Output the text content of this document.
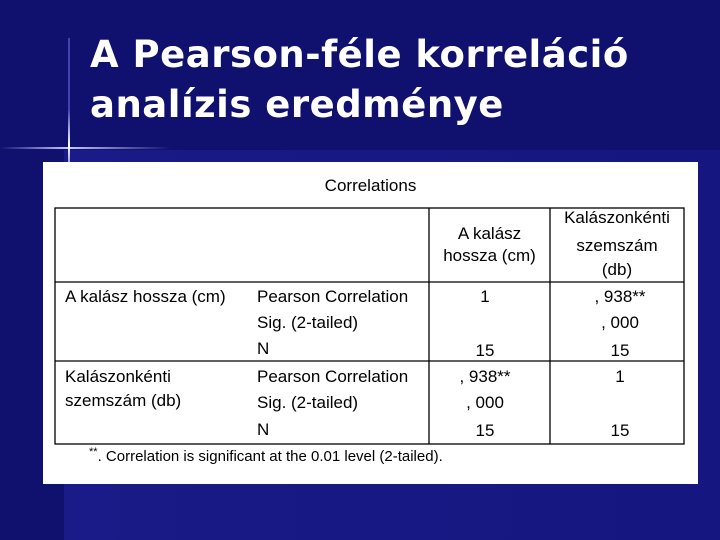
A Pearson-féle korreláció
analízis eredménye
Correlations
A kalász
hossza (cm)
Kalászonkénti
szemszám
(db)
A kalász hossza (cm) Pearson Correlation
Sig. (2-tailed)
N
1
15
, 938**
, 000
15
Kalászonkénti
szemszám (db)
Pearson Correlation
Sig. (2-tailed)
N
, 938**
, 000
15
1
15
**. Correlation is significant at the 0.01 level (2-tailed).
